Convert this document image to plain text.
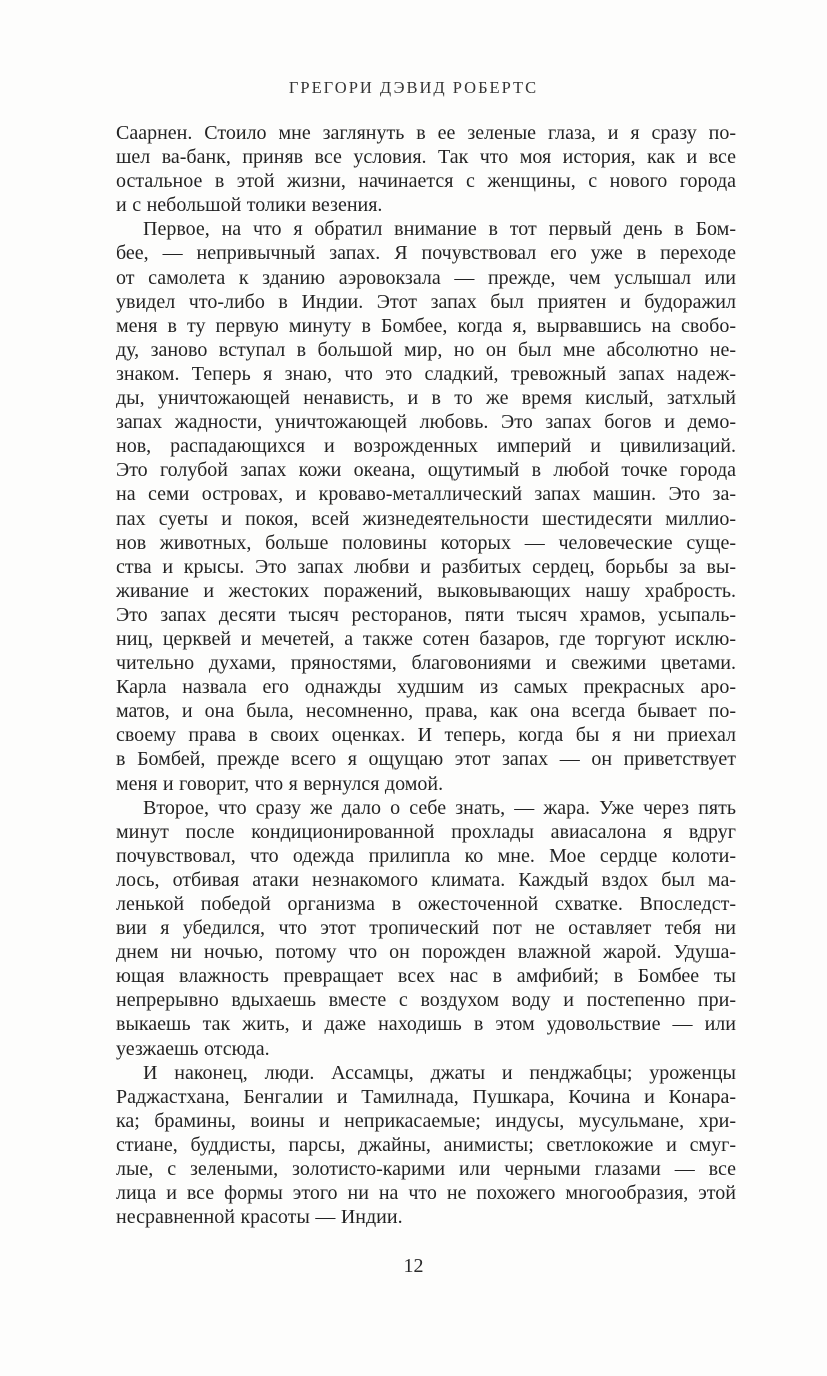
ГРЕГОРИ ДЭВИД РОБЕРТС
Саарнен. Стоило мне заглянуть в ее зеленые глаза, и я сразу по-
шел ва-банк, приняв все условия. Так что моя история, как и все
остальное в этой жизни, начинается с женщины, с нового города
и с небольшой толики везения.
Первое, на что я обратил внимание в тот первый день в Бом-
бее, — непривычный запах. Я почувствовал его уже в переходе
от самолета к зданию аэровокзала — прежде, чем услышал или
увидел что-либо в Индии. Этот запах был приятен и будоражил
меня в ту первую минуту в Бомбее, когда я, вырвавшись на свобо-
ду, заново вступал в большой мир, но он был мне абсолютно не-
знаком. Теперь я знаю, что это сладкий, тревожный запах надеж-
ды, уничтожающей ненависть, и в то же время кислый, затхлый
запах жадности, уничтожающей любовь. Это запах богов и демо-
нов, распадающихся и возрожденных империй и цивилизаций.
Это голубой запах кожи океана, ощутимый в любой точке города
на семи островах, и кроваво-металлический запах машин. Это за-
пах суеты и покоя, всей жизнедеятельности шестидесяти миллио-
нов животных, больше половины которых — человеческие суще-
ства и крысы. Это запах любви и разбитых сердец, борьбы за вы-
живание и жестоких поражений, выковывающих нашу храбрость.
Это запах десяти тысяч ресторанов, пяти тысяч храмов, усыпаль-
ниц, церквей и мечетей, а также сотен базаров, где торгуют исклю-
чительно духами, пряностями, благовониями и свежими цветами.
Карла назвала его однажды худшим из самых прекрасных аро-
матов, и она была, несомненно, права, как она всегда бывает по-
своему права в своих оценках. И теперь, когда бы я ни приехал
в Бомбей, прежде всего я ощущаю этот запах — он приветствует
меня и говорит, что я вернулся домой.
Второе, что сразу же дало о себе знать, — жара. Уже через пять
минут после кондиционированной прохлады авиасалона я вдруг
почувствовал, что одежда прилипла ко мне. Мое сердце колоти-
лось, отбивая атаки незнакомого климата. Каждый вздох был ма-
ленькой победой организма в ожесточенной схватке. Впоследст-
вии я убедился, что этот тропический пот не оставляет тебя ни
днем ни ночью, потому что он порожден влажной жарой. Удуша-
ющая влажность превращает всех нас в амфибий; в Бомбее ты
непрерывно вдыхаешь вместе с воздухом воду и постепенно при-
выкаешь так жить, и даже находишь в этом удовольствие — или
уезжаешь отсюда.
И наконец, люди. Ассамцы, джаты и пенджабцы; уроженцы
Раджастхана, Бенгалии и Тамилнада, Пушкара, Кочина и Конара-
ка; брамины, воины и неприкасаемые; индусы, мусульмане, хри-
стиане, буддисты, парсы, джайны, анимисты; светлокожие и смуг-
лые, с зелеными, золотисто-карими или черными глазами — все
лица и все формы этого ни на что не похожего многообразия, этой
несравненной красоты — Индии.
12
